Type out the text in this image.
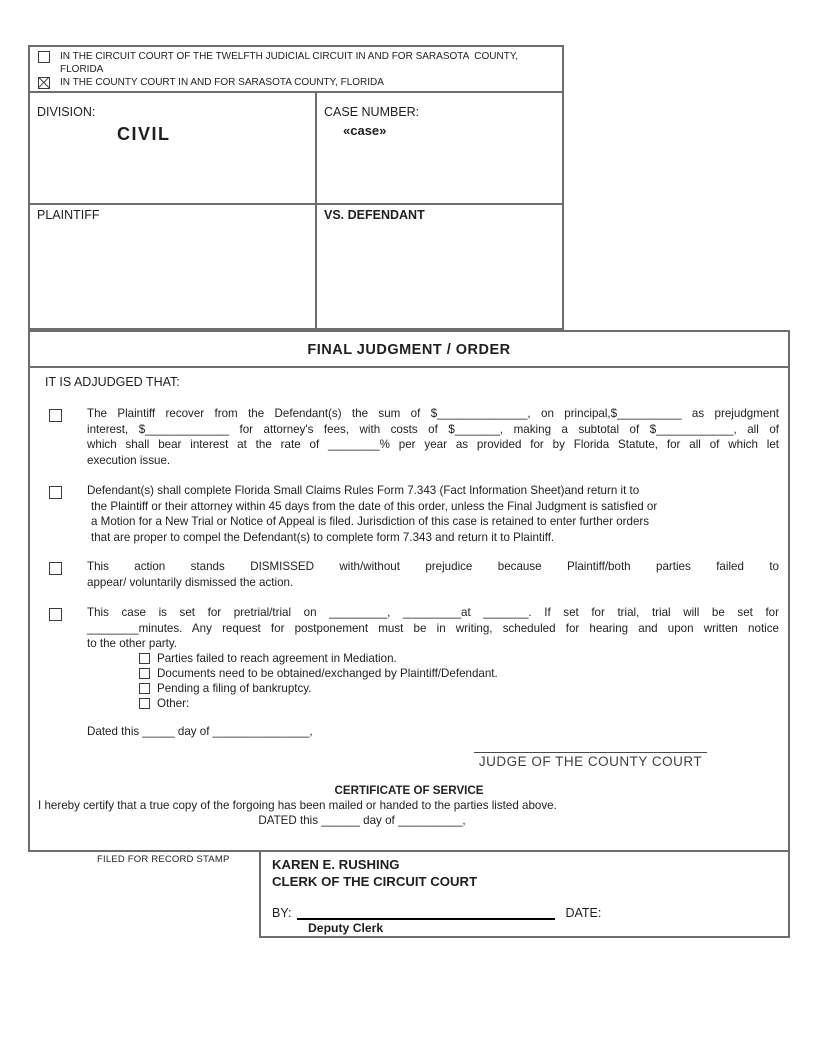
IN THE CIRCUIT COURT OF THE TWELFTH JUDICIAL CIRCUIT IN AND FOR SARASOTA  COUNTY,
FLORIDA
IN THE COUNTY COURT IN AND FOR SARASOTA COUNTY, FLORIDA
DIVISION:
CIVIL
CASE NUMBER:
«case»
PLAINTIFF	VS. DEFENDANT
FINAL JUDGMENT / ORDER
IT IS ADJUDGED THAT:
The Plaintiff recover from the Defendant(s) the sum of $______________, on principal,$__________ as prejudgment
interest, $_____________ for attorney's fees, with costs of $_______, making a subtotal of $____________, all of
which shall bear interest at the rate of ________% per year as provided for by Florida Statute, for all of which let
execution issue.
Defendant(s) shall complete Florida Small Claims Rules Form 7.343 (Fact Information Sheet)and return it to
the Plaintiff or their attorney within 45 days from the date of this order, unless the Final Judgment is satisfied or
a Motion for a New Trial or Notice of Appeal is filed. Jurisdiction of this case is retained to enter further orders
that are proper to compel the Defendant(s) to complete form 7.343 and return it to Plaintiff.
This action stands DISMISSED with/without prejudice because Plaintiff/both parties failed to
appear/ voluntarily dismissed the action.
This case is set for pretrial/trial on _________, _________at _______. If set for trial, trial will be set for
________minutes. Any request for postponement must be in writing, scheduled for hearing and upon written notice
to the other party.
Parties failed to reach agreement in Mediation.
Documents need to be obtained/exchanged by Plaintiff/Defendant.
Pending a filing of bankruptcy.
Other:
Dated this _____ day of _______________,
JUDGE OF THE COUNTY COURT
CERTIFICATE OF SERVICE
I hereby certify that a true copy of the forgoing has been mailed or handed to the parties listed above.
DATED this ______ day of __________,
FILED FOR RECORD STAMP	KAREN E. RUSHING
CLERK OF THE CIRCUIT COURT
BY:	DATE:
Deputy Clerk
